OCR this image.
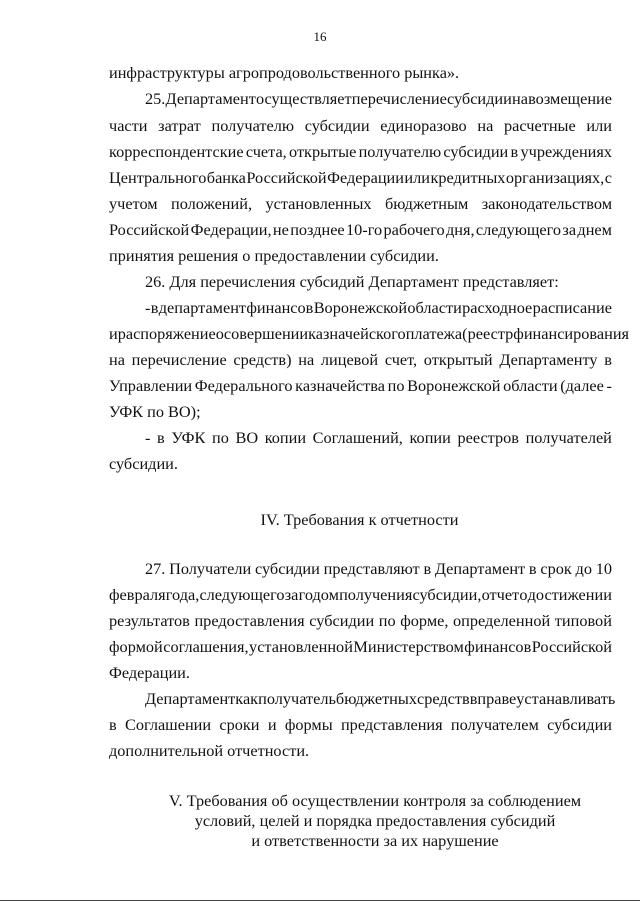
16
инфраструктуры агропродовольственного рынка».
25. Департамент осуществляет перечисление субсидии на возмещение
части затрат получателю субсидии единоразово на расчетные или
корреспондентские счета, открытые получателю субсидии в учреждениях
Центрального банка Российской Федерации или кредитных организациях, с
учетом положений, установленных бюджетным законодательством
Российской Федерации, не позднее 10-го рабочего дня, следующего за днем
принятия решения о предоставлении субсидии.
26. Для перечисления субсидий Департамент представляет:
- в департамент финансов Воронежской области расходное расписание
и распоряжение о совершении казначейского платежа (реестр финансирования
на перечисление средств) на лицевой счет, открытый Департаменту в
Управлении Федерального казначейства по Воронежской области (далее -
УФК по ВО);
- в УФК по ВО копии Соглашений, копии реестров получателей
субсидии.
IV. Требования к отчетности
27. Получатели субсидии представляют в Департамент в срок до 10
февраля года, следующего за годом получения субсидии, отчет о достижении
результатов предоставления субсидии по форме, определенной типовой
формой соглашения, установленной Министерством финансов Российской
Федерации.
Департамент как получатель бюджетных средств вправе устанавливать
в Соглашении сроки и формы представления получателем субсидии
дополнительной отчетности.
V. Требования об осуществлении контроля за соблюдением
условий, целей и порядка предоставления субсидий
и ответственности за их нарушение
